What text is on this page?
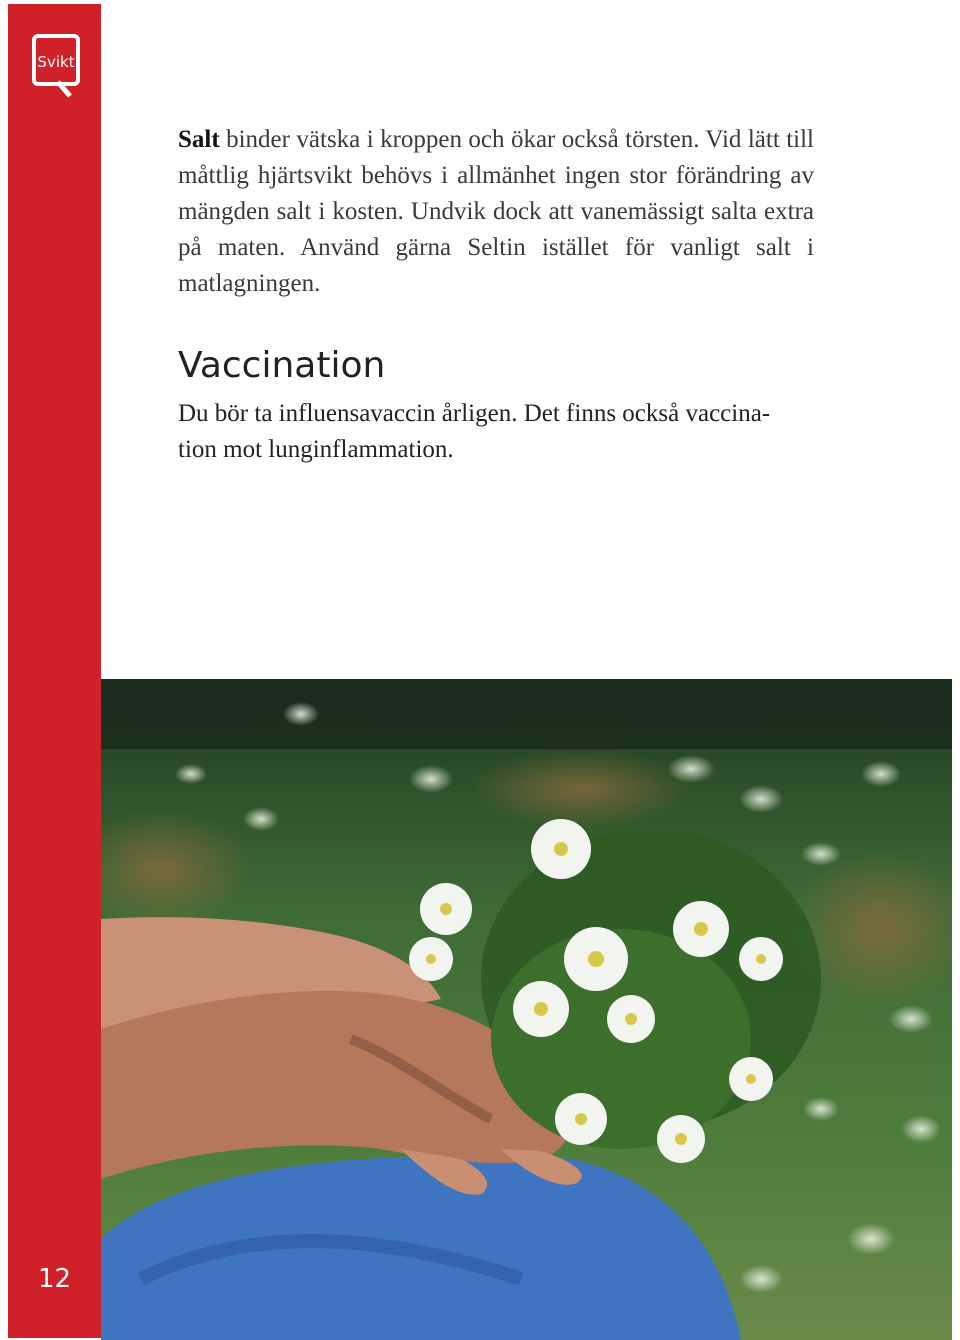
Svikt
12

Salt binder vätska i kroppen och ökar också törsten. Vid lätt till måttlig hjärtsvikt behövs i allmänhet ingen stor förändring av mängden salt i kosten. Undvik dock att vanemässigt salta extra på maten. Använd gärna Seltin istället för vanligt salt i matlagningen.

Vaccination

Du bör ta influensavaccin årligen. Det finns också vaccina-
tion mot lunginflammation.
